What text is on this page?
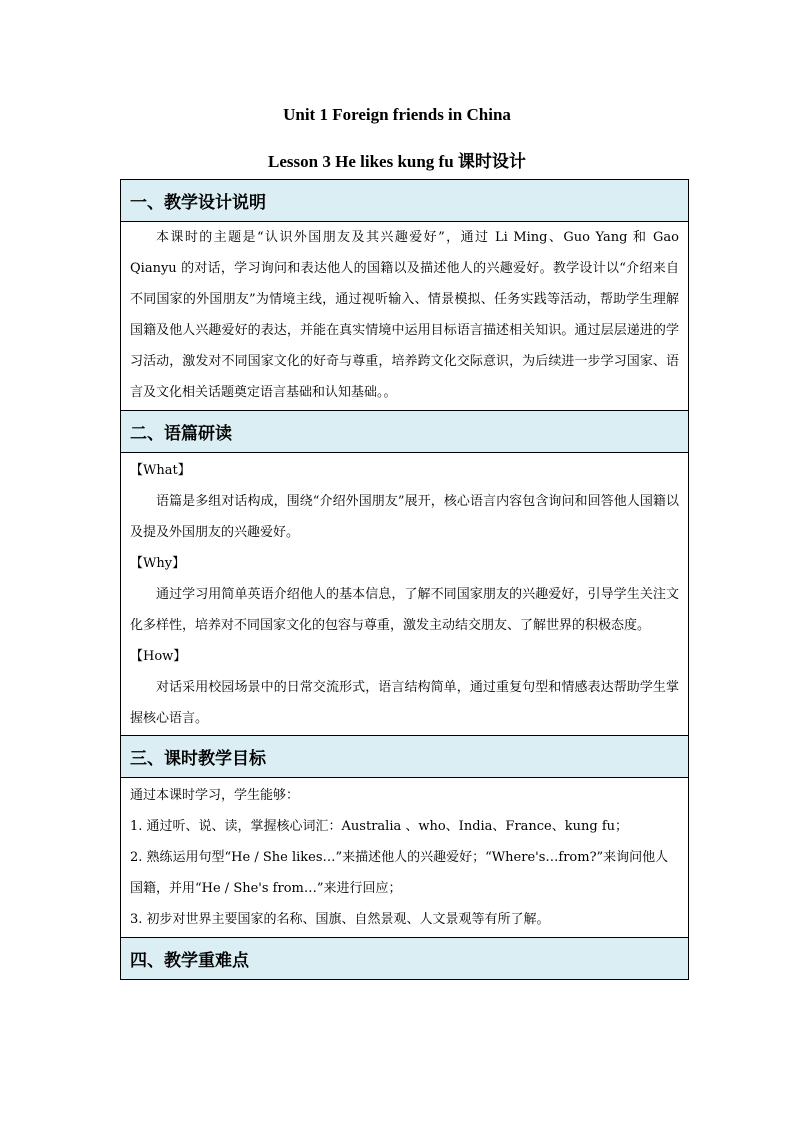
Unit 1 Foreign friends in China
Lesson 3 He likes kung fu 课时设计
一、教学设计说明

本课时的主题是“认识外国朋友及其兴趣爱好”，通过 Li Ming、Guo Yang 和 Gao Qianyu 的对话，学习询问和表达他人的国籍以及描述他人的兴趣爱好。教学设计以“介绍来自不同国家的外国朋友”为情境主线，通过视听输入、情景模拟、任务实践等活动，帮助学生理解国籍及他人兴趣爱好的表达，并能在真实情境中运用目标语言描述相关知识。通过层层递进的学习活动，激发对不同国家文化的好奇与尊重，培养跨文化交际意识，为后续进一步学习国家、语言及文化相关话题奠定语言基础和认知基础。。

二、语篇研读

【What】

语篇是多组对话构成，围绕“介绍外国朋友”展开，核心语言内容包含询问和回答他人国籍以及提及外国朋友的兴趣爱好。

【Why】

通过学习用简单英语介绍他人的基本信息，了解不同国家朋友的兴趣爱好，引导学生关注文化多样性，培养对不同国家文化的包容与尊重，激发主动结交朋友、了解世界的积极态度。

【How】

对话采用校园场景中的日常交流形式，语言结构简单，通过重复句型和情感表达帮助学生掌握核心语言。

三、课时教学目标

通过本课时学习，学生能够：

1. 通过听、说、读，掌握核心词汇：Australia 、who、India、France、kung fu；

2. 熟练运用句型“He / She likes…”来描述他人的兴趣爱好；“Where's…from?”来询问他人国籍，并用“He / She's from…”来进行回应；

3. 初步对世界主要国家的名称、国旗、自然景观、人文景观等有所了解。

四、教学重难点
